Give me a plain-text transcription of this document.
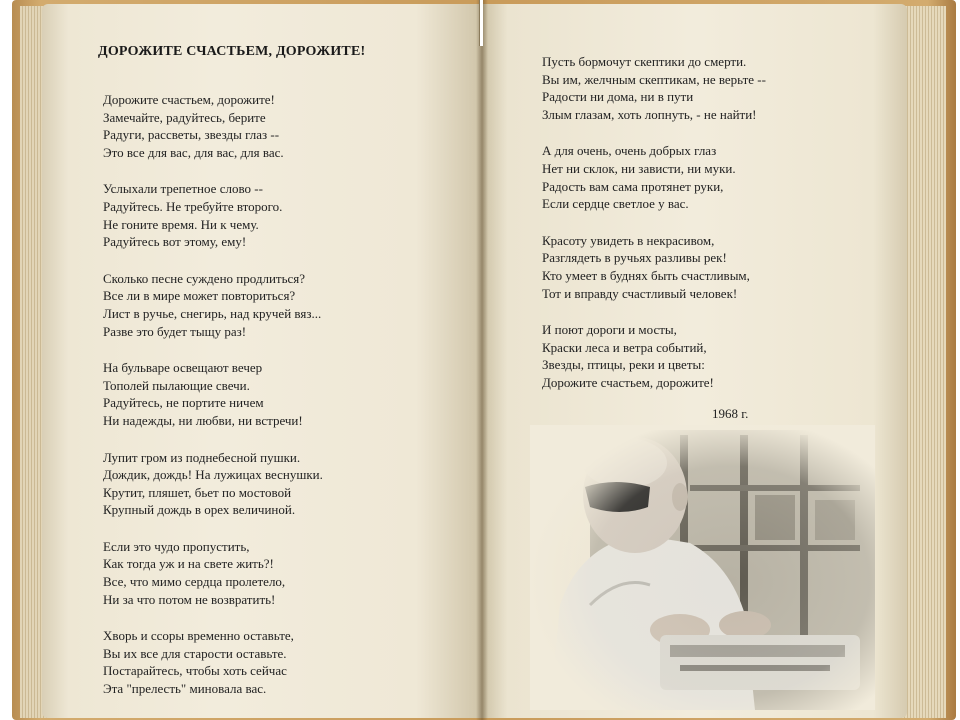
ДОРОЖИТЕ СЧАСТЬЕМ, ДОРОЖИТЕ!
Дорожите счастьем, дорожите!
Замечайте, радуйтесь, берите
Радуги, рассветы, звезды глаз --
Это все для вас, для вас, для вас.
Услыхали трепетное слово --
Радуйтесь. Не требуйте второго.
Не гоните время. Ни к чему.
Радуйтесь вот этому, ему!
Сколько песне суждено продлиться?
Все ли в мире может повториться?
Лист в ручье, снегирь, над кручей вяз...
Разве это будет тыщу раз!
На бульваре освещают вечер
Тополей пылающие свечи.
Радуйтесь, не портите ничем
Ни надежды, ни любви, ни встречи!
Лупит гром из поднебесной пушки.
Дождик, дождь! На лужицах веснушки.
Крутит, пляшет, бьет по мостовой
Крупный дождь в орех величиной.
Если это чудо пропустить,
Как тогда уж и на свете жить?!
Все, что мимо сердца пролетело,
Ни за что потом не возвратить!
Хворь и ссоры временно оставьте,
Вы их все для старости оставьте.
Постарайтесь, чтобы хоть сейчас
Эта "прелесть" миновала вас.
Пусть бормочут скептики до смерти.
Вы им, желчным скептикам, не верьте --
Радости ни дома, ни в пути
Злым глазам, хоть лопнуть, - не найти!
А для очень, очень добрых глаз
Нет ни склок, ни зависти, ни муки.
Радость вам сама протянет руки,
Если сердце светлое у вас.
Красоту увидеть в некрасивом,
Разглядеть в ручьях разливы рек!
Кто умеет в буднях быть счастливым,
Тот и вправду счастливый человек!
И поют дороги и мосты,
Краски леса и ветра событий,
Звезды, птицы, реки и цветы:
Дорожите счастьем, дорожите!
1968 г.
